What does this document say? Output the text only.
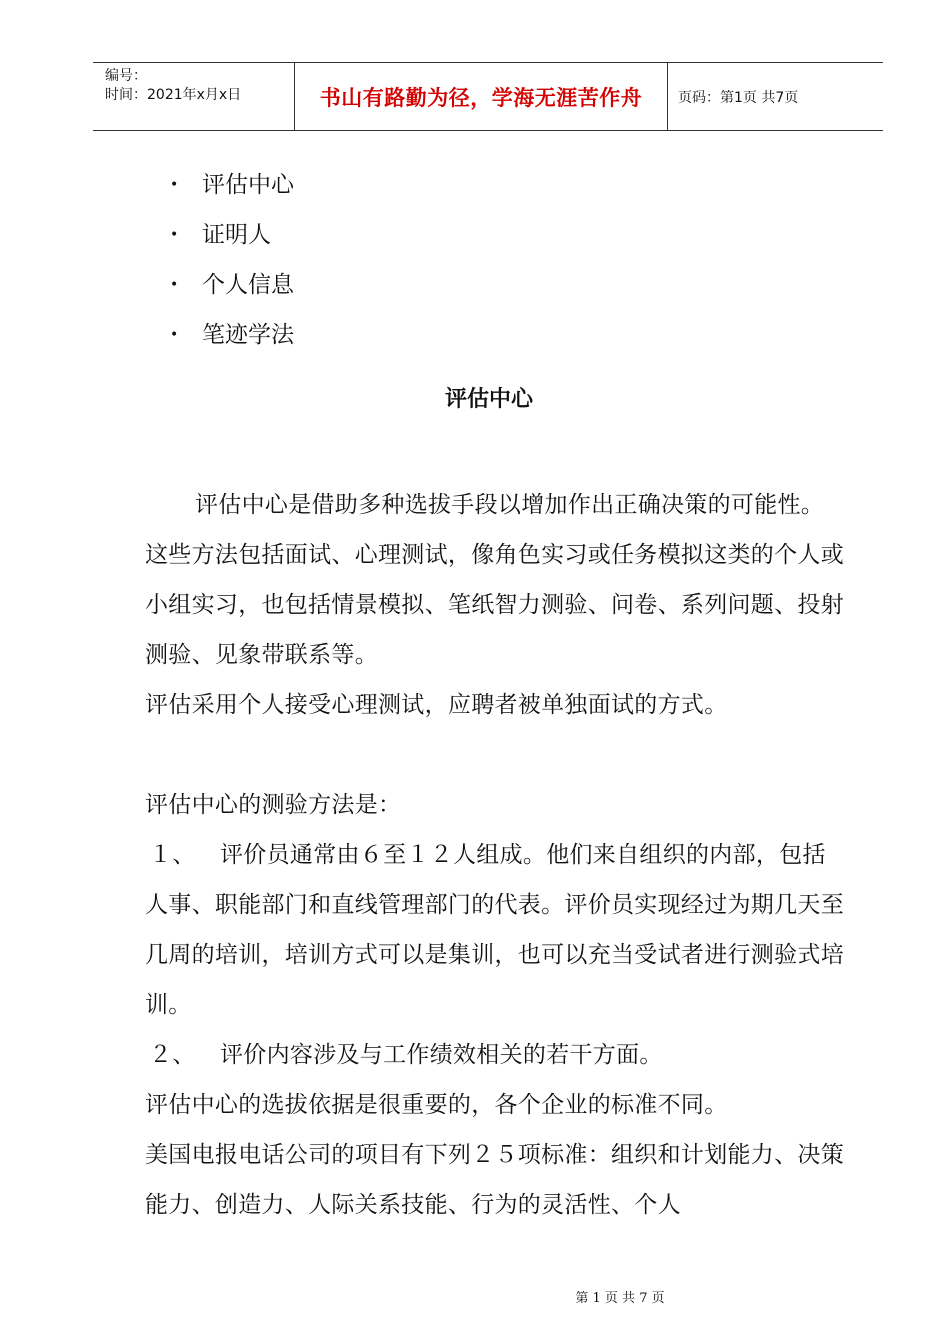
编号：
时间：2021年x月x日	书山有路勤为径，学海无涯苦作舟	页码：第1页 共7页
• 评估中心
• 证明人
• 个人信息
• 笔迹学法
评估中心

评估中心是借助多种选拔手段以增加作出正确决策的可能性。这些方法包括面试、心理测试，像角色实习或任务模拟这类的个人或小组实习，也包括情景模拟、笔纸智力测验、问卷、系列问题、投射测验、见象带联系等。

评估采用个人接受心理测试，应聘者被单独面试的方式。

评估中心的测验方法是：

１、 评价员通常由６至１２人组成。他们来自组织的内部，包括人事、职能部门和直线管理部门的代表。评价员实现经过为期几天至几周的培训，培训方式可以是集训，也可以充当受试者进行测验式培训。

２、 评价内容涉及与工作绩效相关的若干方面。

评估中心的选拔依据是很重要的，各个企业的标准不同。

美国电报电话公司的项目有下列２５项标准：组织和计划能力、决策能力、创造力、人际关系技能、行为的灵活性、个人

第 1 页 共 7 页
